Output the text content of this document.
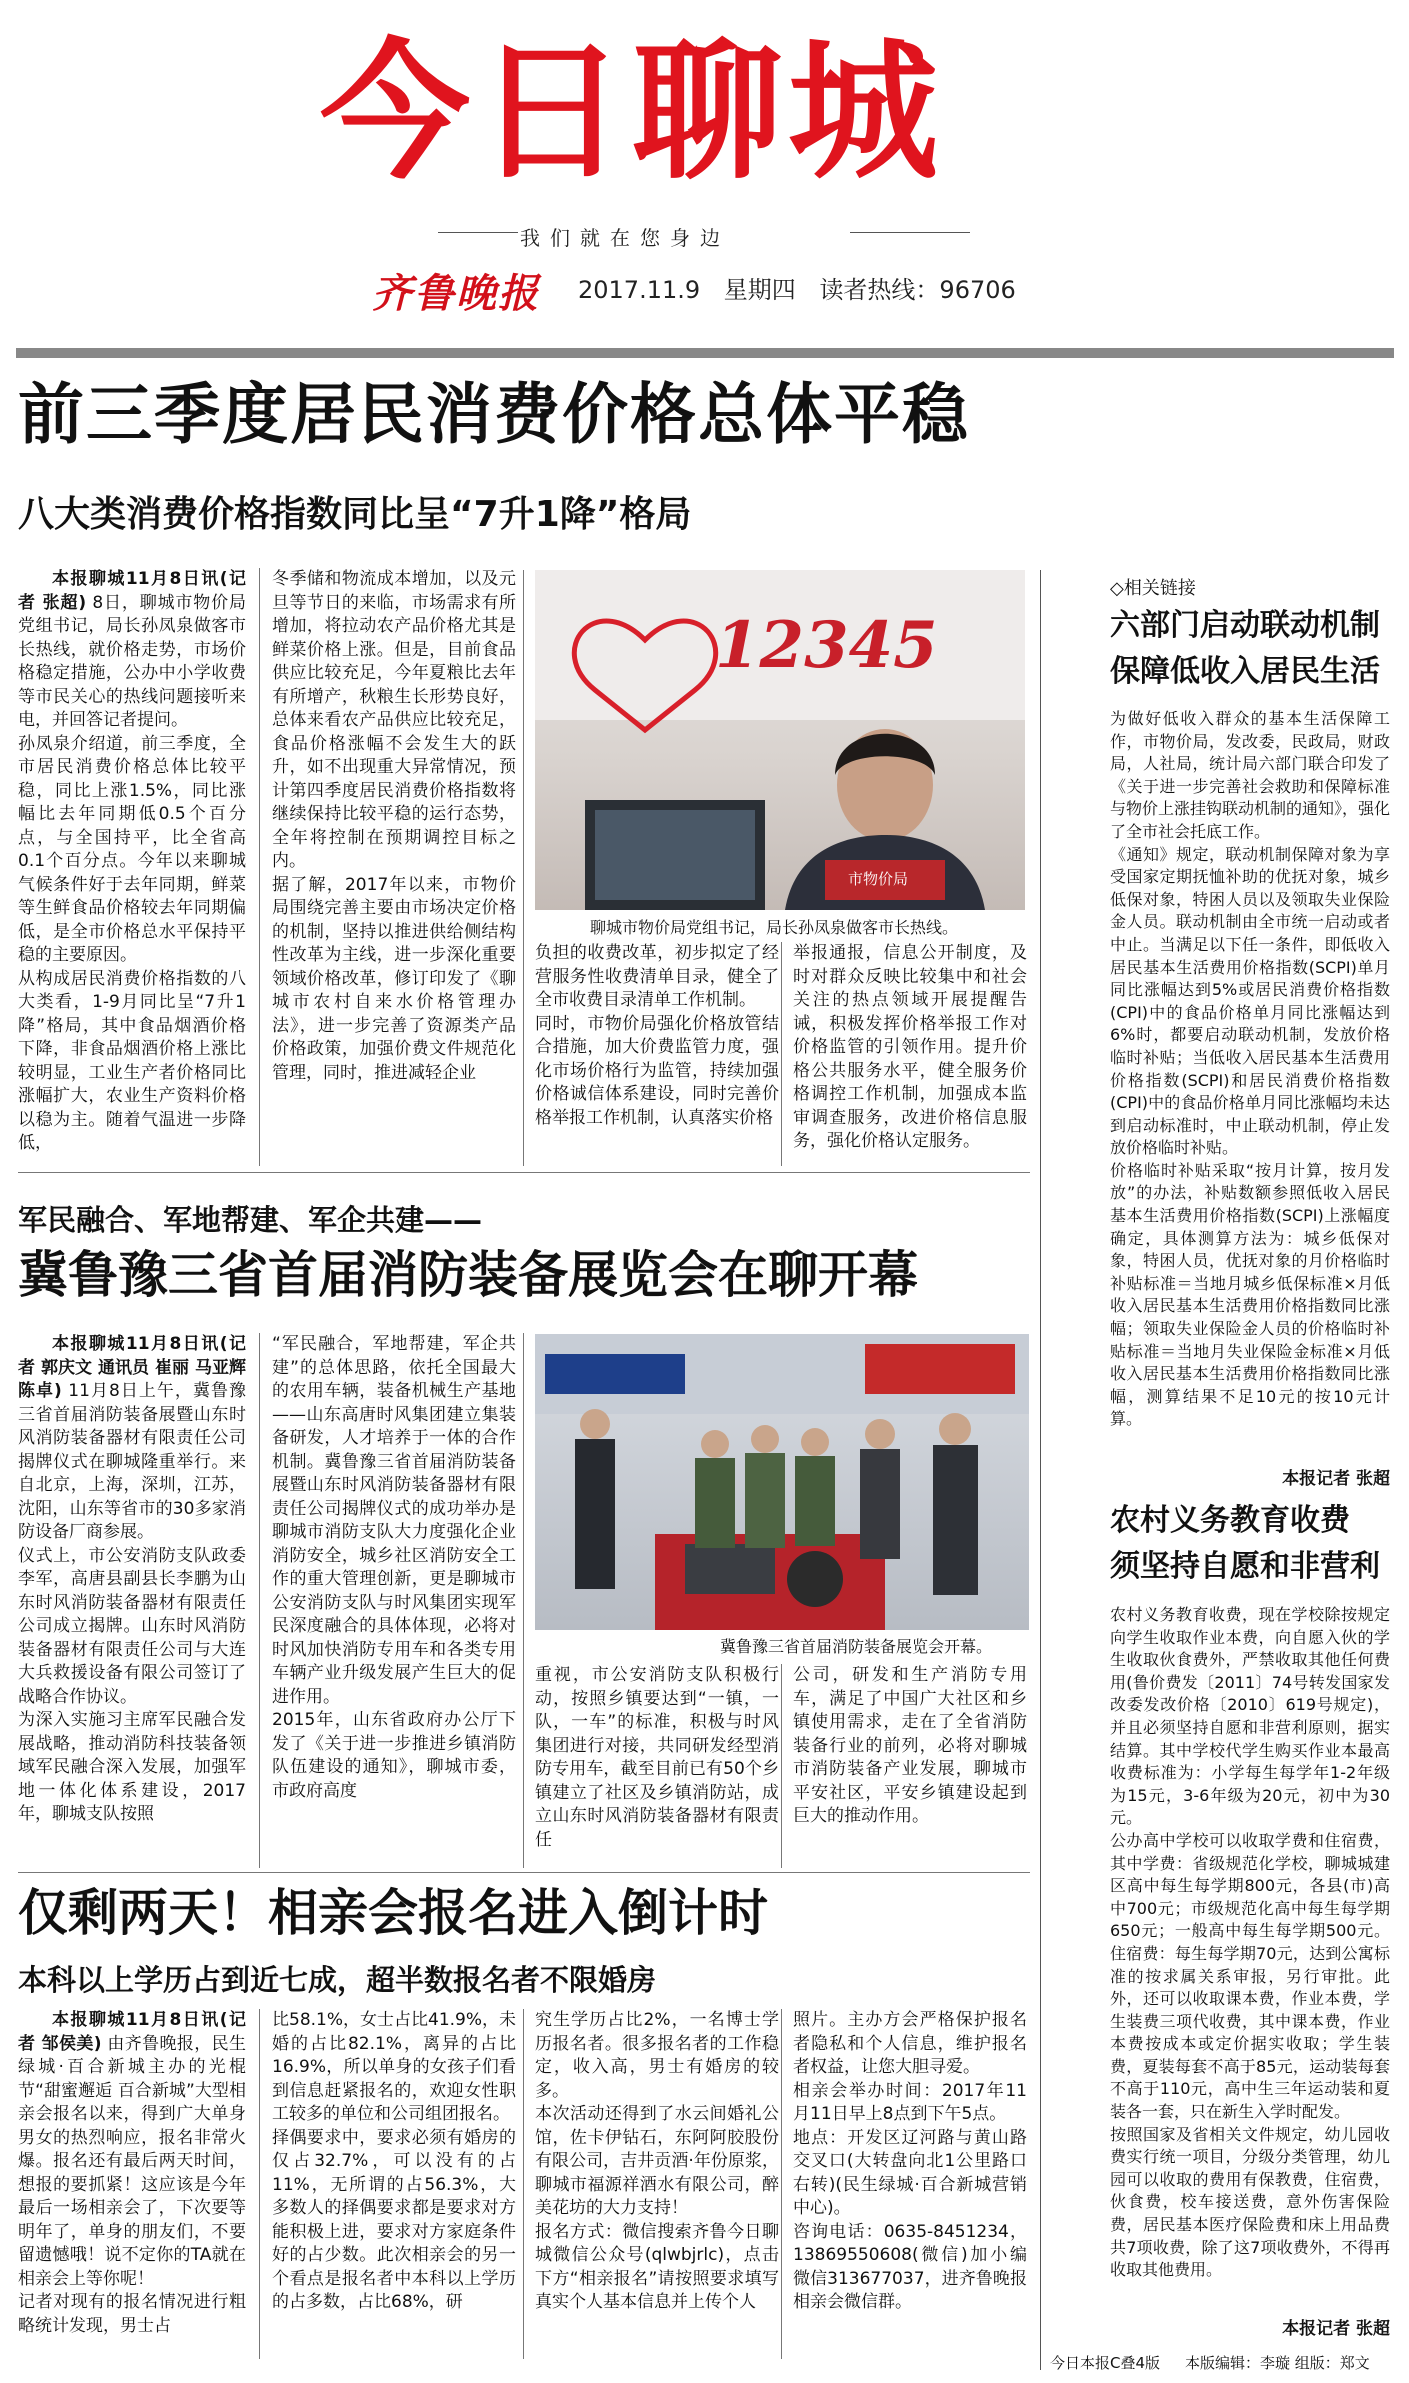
今日聊城
我们就在您身边
齐鲁晚报 2017.11.9 星期四 读者热线：96706
前三季度居民消费价格总体平稳
八大类消费价格指数同比呈“7升1降”格局

本报聊城11月8日讯(记者 张超) 8日，聊城市物价局党组书记，局长孙凤泉做客市长热线，就价格走势，市场价格稳定措施，公办中小学收费等市民关心的热线问题接听来电，并回答记者提问。
孙凤泉介绍道，前三季度，全市居民消费价格总体比较平稳，同比上涨1.5%，同比涨幅比去年同期低0.5个百分点，与全国持平，比全省高0.1个百分点。今年以来聊城气候条件好于去年同期，鲜菜等生鲜食品价格较去年同期偏低，是全市价格总水平保持平稳的主要原因。
从构成居民消费价格指数的八大类看，1-9月同比呈“7升1降”格局，其中食品烟酒价格下降，非食品烟酒价格上涨比较明显，工业生产者价格同比涨幅扩大，农业生产资料价格以稳为主。随着气温进一步降低，

冬季储和物流成本增加，以及元旦等节日的来临，市场需求有所增加，将拉动农产品价格尤其是鲜菜价格上涨。但是，目前食品供应比较充足，今年夏粮比去年有所增产，秋粮生长形势良好，总体来看农产品供应比较充足，食品价格涨幅不会发生大的跃升，如不出现重大异常情况，预计第四季度居民消费价格指数将继续保持比较平稳的运行态势，全年将控制在预期调控目标之内。
据了解，2017年以来，市物价局围绕完善主要由市场决定价格的机制，坚持以推进供给侧结构性改革为主线，进一步深化重要领域价格改革，修订印发了《聊城市农村自来水价格管理办法》，进一步完善了资源类产品价格政策，加强价费文件规范化管理，同时，推进减轻企业
12345
市物价局
聊城市物价局党组书记，局长孙凤泉做客市长热线。
负担的收费改革，初步拟定了经营服务性收费清单目录，健全了全市收费目录清单工作机制。
同时，市物价局强化价格放管结合措施，加大价费监管力度，强化市场价格行为监管，持续加强价格诚信体系建设，同时完善价格举报工作机制，认真落实价格
举报通报，信息公开制度，及时对群众反映比较集中和社会关注的热点领域开展提醒告诫，积极发挥价格举报工作对价格监管的引领作用。提升价格公共服务水平，健全服务价格调控工作机制，加强成本监审调查服务，改进价格信息服务，强化价格认定服务。
军民融合、军地帮建、军企共建——
冀鲁豫三省首届消防装备展览会在聊开幕

本报聊城11月8日讯(记者 郭庆文 通讯员 崔丽 马亚辉 陈卓) 11月8日上午，冀鲁豫三省首届消防装备展暨山东时风消防装备器材有限责任公司揭牌仪式在聊城隆重举行。来自北京，上海，深圳，江苏，沈阳，山东等省市的30多家消防设备厂商参展。
仪式上，市公安消防支队政委李军，高唐县副县长李鹏为山东时风消防装备器材有限责任公司成立揭牌。山东时风消防装备器材有限责任公司与大连大兵救援设备有限公司签订了战略合作协议。
为深入实施习主席军民融合发展战略，推动消防科技装备领域军民融合深入发展，加强军地一体化体系建设，2017年，聊城支队按照

“军民融合，军地帮建，军企共建”的总体思路，依托全国最大的农用车辆，装备机械生产基地——山东高唐时风集团建立集装备研发，人才培养于一体的合作机制。冀鲁豫三省首届消防装备展暨山东时风消防装备器材有限责任公司揭牌仪式的成功举办是聊城市消防支队大力度强化企业消防安全，城乡社区消防安全工作的重大管理创新，更是聊城市公安消防支队与时风集团实现军民深度融合的具体体现，必将对时风加快消防专用车和各类专用车辆产业升级发展产生巨大的促进作用。
2015年，山东省政府办公厅下发了《关于进一步推进乡镇消防队伍建设的通知》，聊城市委，市政府高度
冀鲁豫三省首届消防装备展览会开幕。
重视，市公安消防支队积极行动，按照乡镇要达到“一镇，一队，一车”的标准，积极与时风集团进行对接，共同研发经型消防专用车，截至目前已有50个乡镇建立了社区及乡镇消防站，成立山东时风消防装备器材有限责任
公司，研发和生产消防专用车，满足了中国广大社区和乡镇使用需求，走在了全省消防装备行业的前列，必将对聊城市消防装备产业发展，聊城市平安社区，平安乡镇建设起到巨大的推动作用。
仅剩两天！相亲会报名进入倒计时
本科以上学历占到近七成，超半数报名者不限婚房

本报聊城11月8日讯(记者 邹侯美) 由齐鲁晚报，民生绿城·百合新城主办的光棍节“甜蜜邂逅 百合新城”大型相亲会报名以来，得到广大单身男女的热烈响应，报名非常火爆。报名还有最后两天时间，想报的要抓紧！这应该是今年最后一场相亲会了，下次要等明年了，单身的朋友们，不要留遗憾哦！说不定你的TA就在相亲会上等你呢！
记者对现有的报名情况进行粗略统计发现，男士占

比58.1%，女士占比41.9%，未婚的占比82.1%，离异的占比16.9%，所以单身的女孩子们看到信息赶紧报名的，欢迎女性职工较多的单位和公司组团报名。
择偶要求中，要求必须有婚房的仅占32.7%，可以没有的占11%，无所谓的占56.3%，大多数人的择偶要求都是要求对方能积极上进，要求对方家庭条件好的占少数。此次相亲会的另一个看点是报名者中本科以上学历的占多数，占比68%，研
究生学历占比2%，一名博士学历报名者。很多报名者的工作稳定，收入高，男士有婚房的较多。
本次活动还得到了水云间婚礼公馆，佐卡伊钻石，东阿阿胶股份有限公司，吉井贡酒·年份原浆，聊城市福源祥酒水有限公司，醉美花坊的大力支持！
报名方式：微信搜索齐鲁今日聊城微信公众号(qlwbjrlc)，点击下方“相亲报名”请按照要求填写真实个人基本信息并上传个人
照片。主办方会严格保护报名者隐私和个人信息，维护报名者权益，让您大胆寻爱。
相亲会举办时间：2017年11月11日早上8点到下午5点。
地点：开发区辽河路与黄山路交叉口(大转盘向北1公里路口右转)(民生绿城·百合新城营销中心)。
咨询电话：0635-8451234，13869550608(微信)加小编微信313677037，进齐鲁晚报相亲会微信群。
◇相关链接
六部门启动联动机制
保障低收入居民生活
为做好低收入群众的基本生活保障工作，市物价局，发改委，民政局，财政局，人社局，统计局六部门联合印发了《关于进一步完善社会救助和保障标准与物价上涨挂钩联动机制的通知》，强化了全市社会托底工作。
《通知》规定，联动机制保障对象为享受国家定期抚恤补助的优抚对象，城乡低保对象，特困人员以及领取失业保险金人员。联动机制由全市统一启动或者中止。当满足以下任一条件，即低收入居民基本生活费用价格指数(SCPI)单月同比涨幅达到5%或居民消费价格指数(CPI)中的食品价格单月同比涨幅达到6%时，都要启动联动机制，发放价格临时补贴；当低收入居民基本生活费用价格指数(SCPI)和居民消费价格指数(CPI)中的食品价格单月同比涨幅均未达到启动标准时，中止联动机制，停止发放价格临时补贴。
价格临时补贴采取“按月计算，按月发放”的办法，补贴数额参照低收入居民基本生活费用价格指数(SCPI)上涨幅度确定，具体测算方法为：城乡低保对象，特困人员，优抚对象的月价格临时补贴标准＝当地月城乡低保标准×月低收入居民基本生活费用价格指数同比涨幅；领取失业保险金人员的价格临时补贴标准＝当地月失业保险金标准×月低收入居民基本生活费用价格指数同比涨幅，测算结果不足10元的按10元计算。
本报记者 张超
农村义务教育收费
须坚持自愿和非营利
农村义务教育收费，现在学校除按规定向学生收取作业本费，向自愿入伙的学生收取伙食费外，严禁收取其他任何费用(鲁价费发〔2011〕74号转发国家发改委发改价格〔2010〕619号规定)，并且必须坚持自愿和非营利原则，据实结算。其中学校代学生购买作业本最高收费标准为：小学每生每学年1-2年级为15元，3-6年级为20元，初中为30元。
公办高中学校可以收取学费和住宿费，其中学费：省级规范化学校，聊城城建区高中每生每学期800元，各县(市)高中700元；市级规范化高中每生每学期650元；一般高中每生每学期500元。住宿费：每生每学期70元，达到公寓标准的按求属关系审报，另行审批。此外，还可以收取课本费，作业本费，学生装费三项代收费，其中课本费，作业本费按成本或定价据实收取；学生装费，夏装每套不高于85元，运动装每套不高于110元，高中生三年运动装和夏装各一套，只在新生入学时配发。
按照国家及省相关文件规定，幼儿园收费实行统一项目，分级分类管理，幼儿园可以收取的费用有保教费，住宿费，伙食费，校车接送费，意外伤害保险费，居民基本医疗保险费和床上用品费共7项收费，除了这7项收费外，不得再收取其他费用。
本报记者 张超
今日本报C叠4版 本版编辑：李璇 组版：郑文
